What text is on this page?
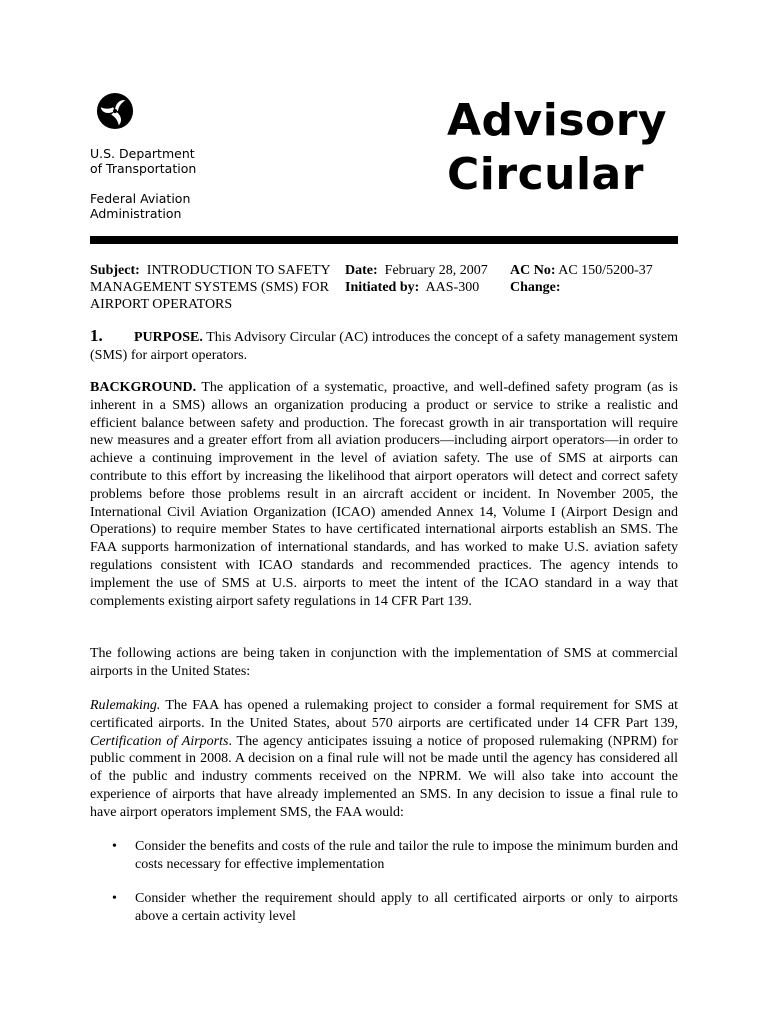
U.S. Department
of Transportation
Federal Aviation
Administration
Advisory
Circular
Subject: INTRODUCTION TO SAFETY
MANAGEMENT SYSTEMS (SMS) FOR
AIRPORT OPERATORS
Date: February 28, 2007
Initiated by: AAS-300
AC No: AC 150/5200-37
Change:

1. PURPOSE. This Advisory Circular (AC) introduces the concept of a safety management system (SMS) for airport operators.

BACKGROUND. The application of a systematic, proactive, and well-defined safety program (as is inherent in a SMS) allows an organization producing a product or service to strike a realistic and efficient balance between safety and production. The forecast growth in air transportation will require new measures and a greater effort from all aviation producers—including airport operators—in order to achieve a continuing improvement in the level of aviation safety. The use of SMS at airports can contribute to this effort by increasing the likelihood that airport operators will detect and correct safety problems before those problems result in an aircraft accident or incident. In November 2005, the International Civil Aviation Organization (ICAO) amended Annex 14, Volume I (Airport Design and Operations) to require member States to have certificated international airports establish an SMS. The FAA supports harmonization of international standards, and has worked to make U.S. aviation safety regulations consistent with ICAO standards and recommended practices. The agency intends to implement the use of SMS at U.S. airports to meet the intent of the ICAO standard in a way that complements existing airport safety regulations in 14 CFR Part 139.

The following actions are being taken in conjunction with the implementation of SMS at commercial airports in the United States:

Rulemaking. The FAA has opened a rulemaking project to consider a formal requirement for SMS at certificated airports. In the United States, about 570 airports are certificated under 14 CFR Part 139, Certification of Airports. The agency anticipates issuing a notice of proposed rulemaking (NPRM) for public comment in 2008. A decision on a final rule will not be made until the agency has considered all of the public and industry comments received on the NPRM. We will also take into account the experience of airports that have already implemented an SMS. In any decision to issue a final rule to have airport operators implement SMS, the FAA would:

• Consider the benefits and costs of the rule and tailor the rule to impose the minimum burden and costs necessary for effective implementation
• Consider whether the requirement should apply to all certificated airports or only to airports above a certain activity level
